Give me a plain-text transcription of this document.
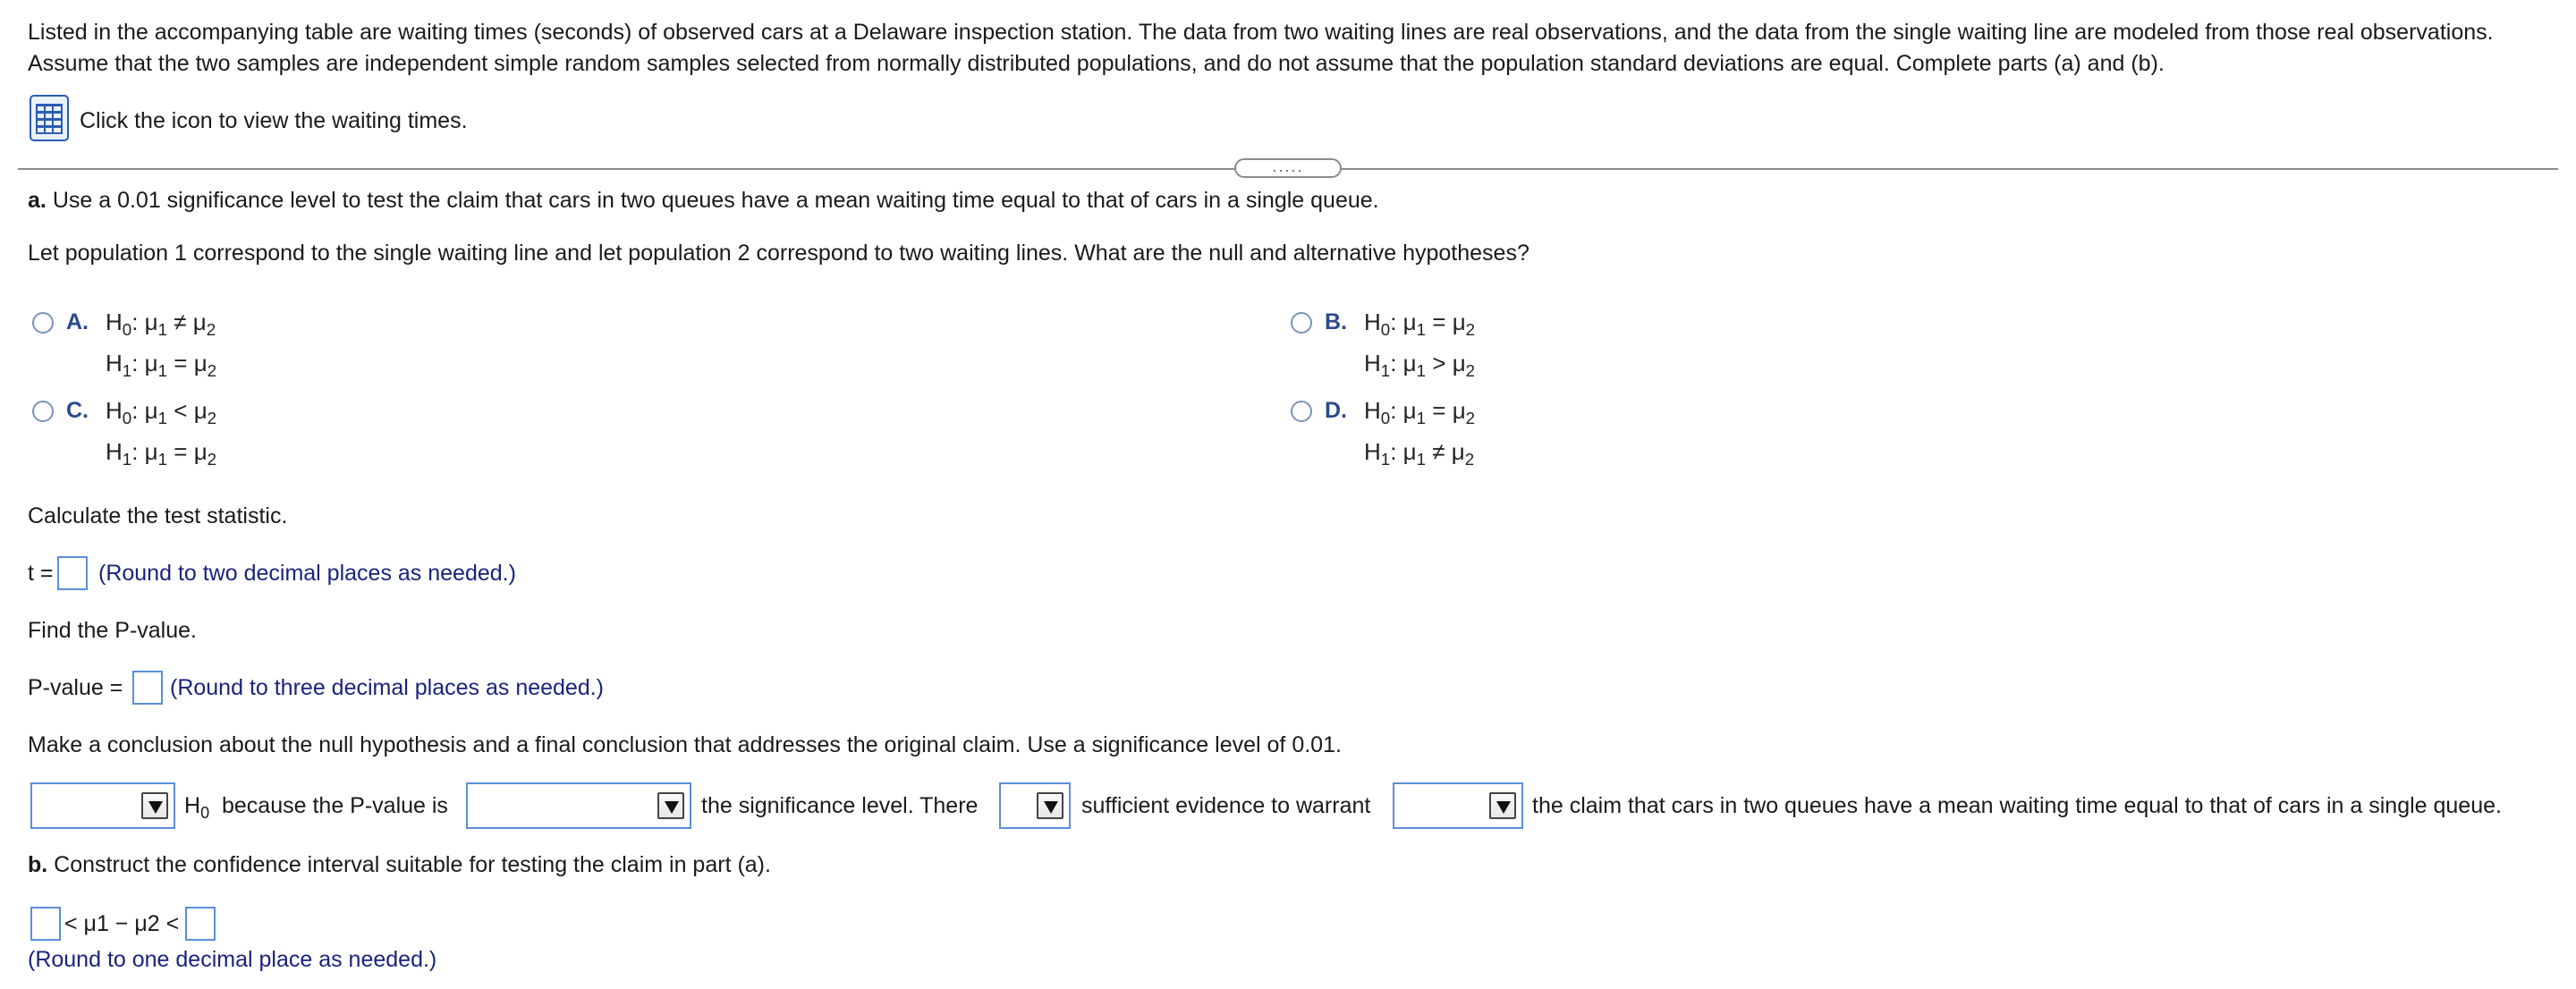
Listed in the accompanying table are waiting times (seconds) of observed cars at a Delaware inspection station. The data from two waiting lines are real observations, and the data from the single waiting line are modeled from those real observations. Assume that the two samples are independent simple random samples selected from normally distributed populations, and do not assume that the population standard deviations are equal. Complete parts (a) and (b).
Click the icon to view the waiting times.
.....
a. Use a 0.01 significance level to test the claim that cars in two queues have a mean waiting time equal to that of cars in a single queue.
Let population 1 correspond to the single waiting line and let population 2 correspond to two waiting lines. What are the null and alternative hypotheses?
A. $H_0$: $\mu_1 \ne \mu_2$
$H_1$: $\mu_1 = \mu_2$
B. $H_0$: $\mu_1 = \mu_2$
$H_1$: $\mu_1 > \mu_2$
C. $H_0$: $\mu_1 < \mu_2$
$H_1$: $\mu_1 = \mu_2$
D. $H_0$: $\mu_1 = \mu_2$
$H_1$: $\mu_1 \ne \mu_2$
Calculate the test statistic.
t = (Round to two decimal places as needed.)
Find the P-value.
P-value = (Round to three decimal places as needed.)
Make a conclusion about the null hypothesis and a final conclusion that addresses the original claim. Use a significance level of 0.01.
$H_0$ because the P-value is	the significance level. There	sufficient evidence to warrant	the claim that cars in two queues have a mean waiting time equal to that of cars in a single queue.
b. Construct the confidence interval suitable for testing the claim in part (a).
< μ1 − μ2 <
(Round to one decimal place as needed.)
